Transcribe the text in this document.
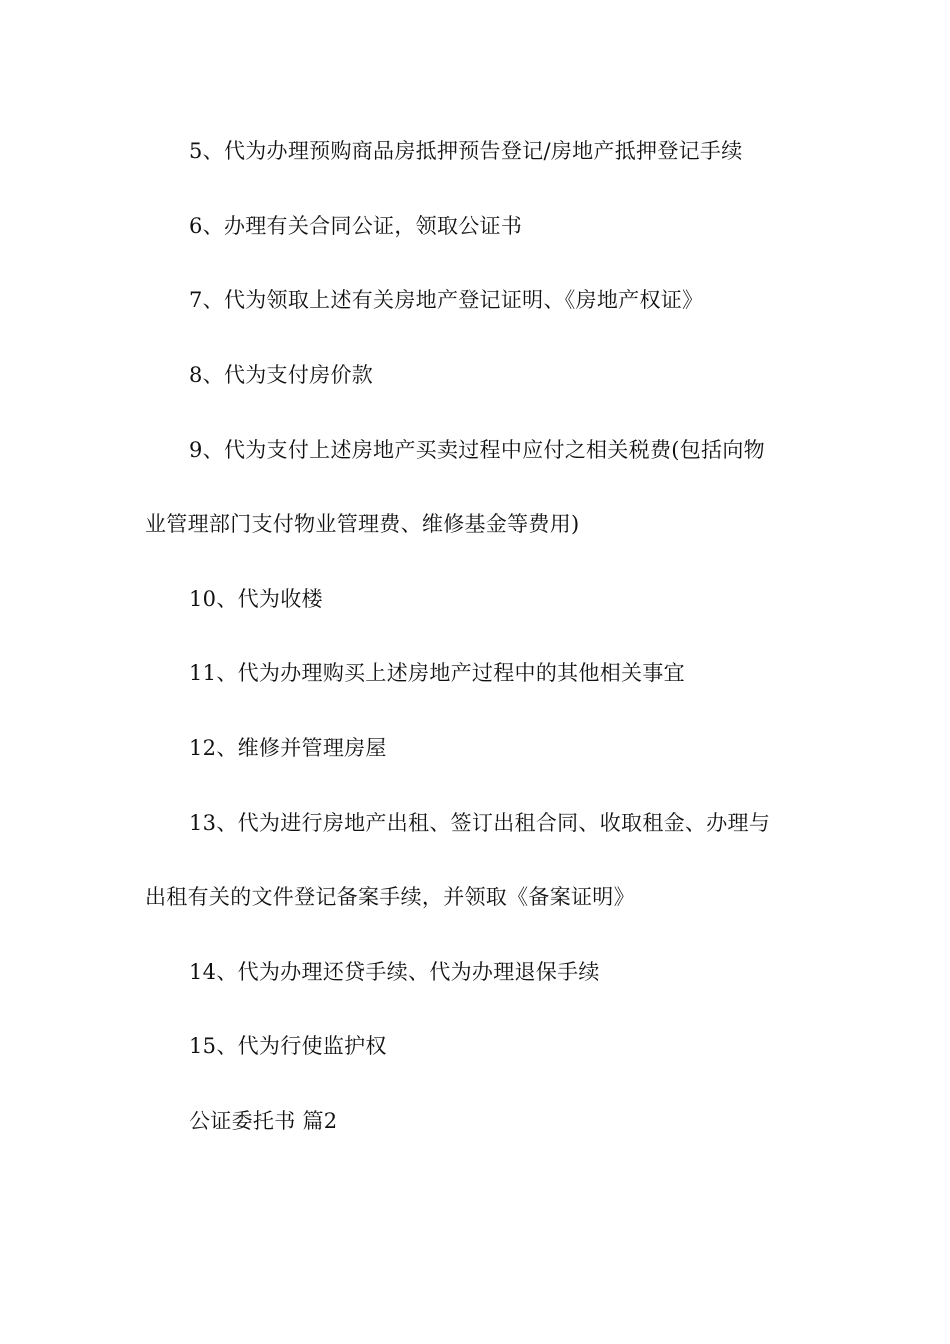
5、代为办理预购商品房抵押预告登记/房地产抵押登记手续
6、办理有关合同公证，领取公证书
7、代为领取上述有关房地产登记证明、《房地产权证》
8、代为支付房价款
9、代为支付上述房地产买卖过程中应付之相关税费(包括向物
业管理部门支付物业管理费、维修基金等费用)
10、代为收楼
11、代为办理购买上述房地产过程中的其他相关事宜
12、维修并管理房屋
13、代为进行房地产出租、签订出租合同、收取租金、办理与
出租有关的文件登记备案手续，并领取《备案证明》
14、代为办理还贷手续、代为办理退保手续
15、代为行使监护权
公证委托书 篇2
